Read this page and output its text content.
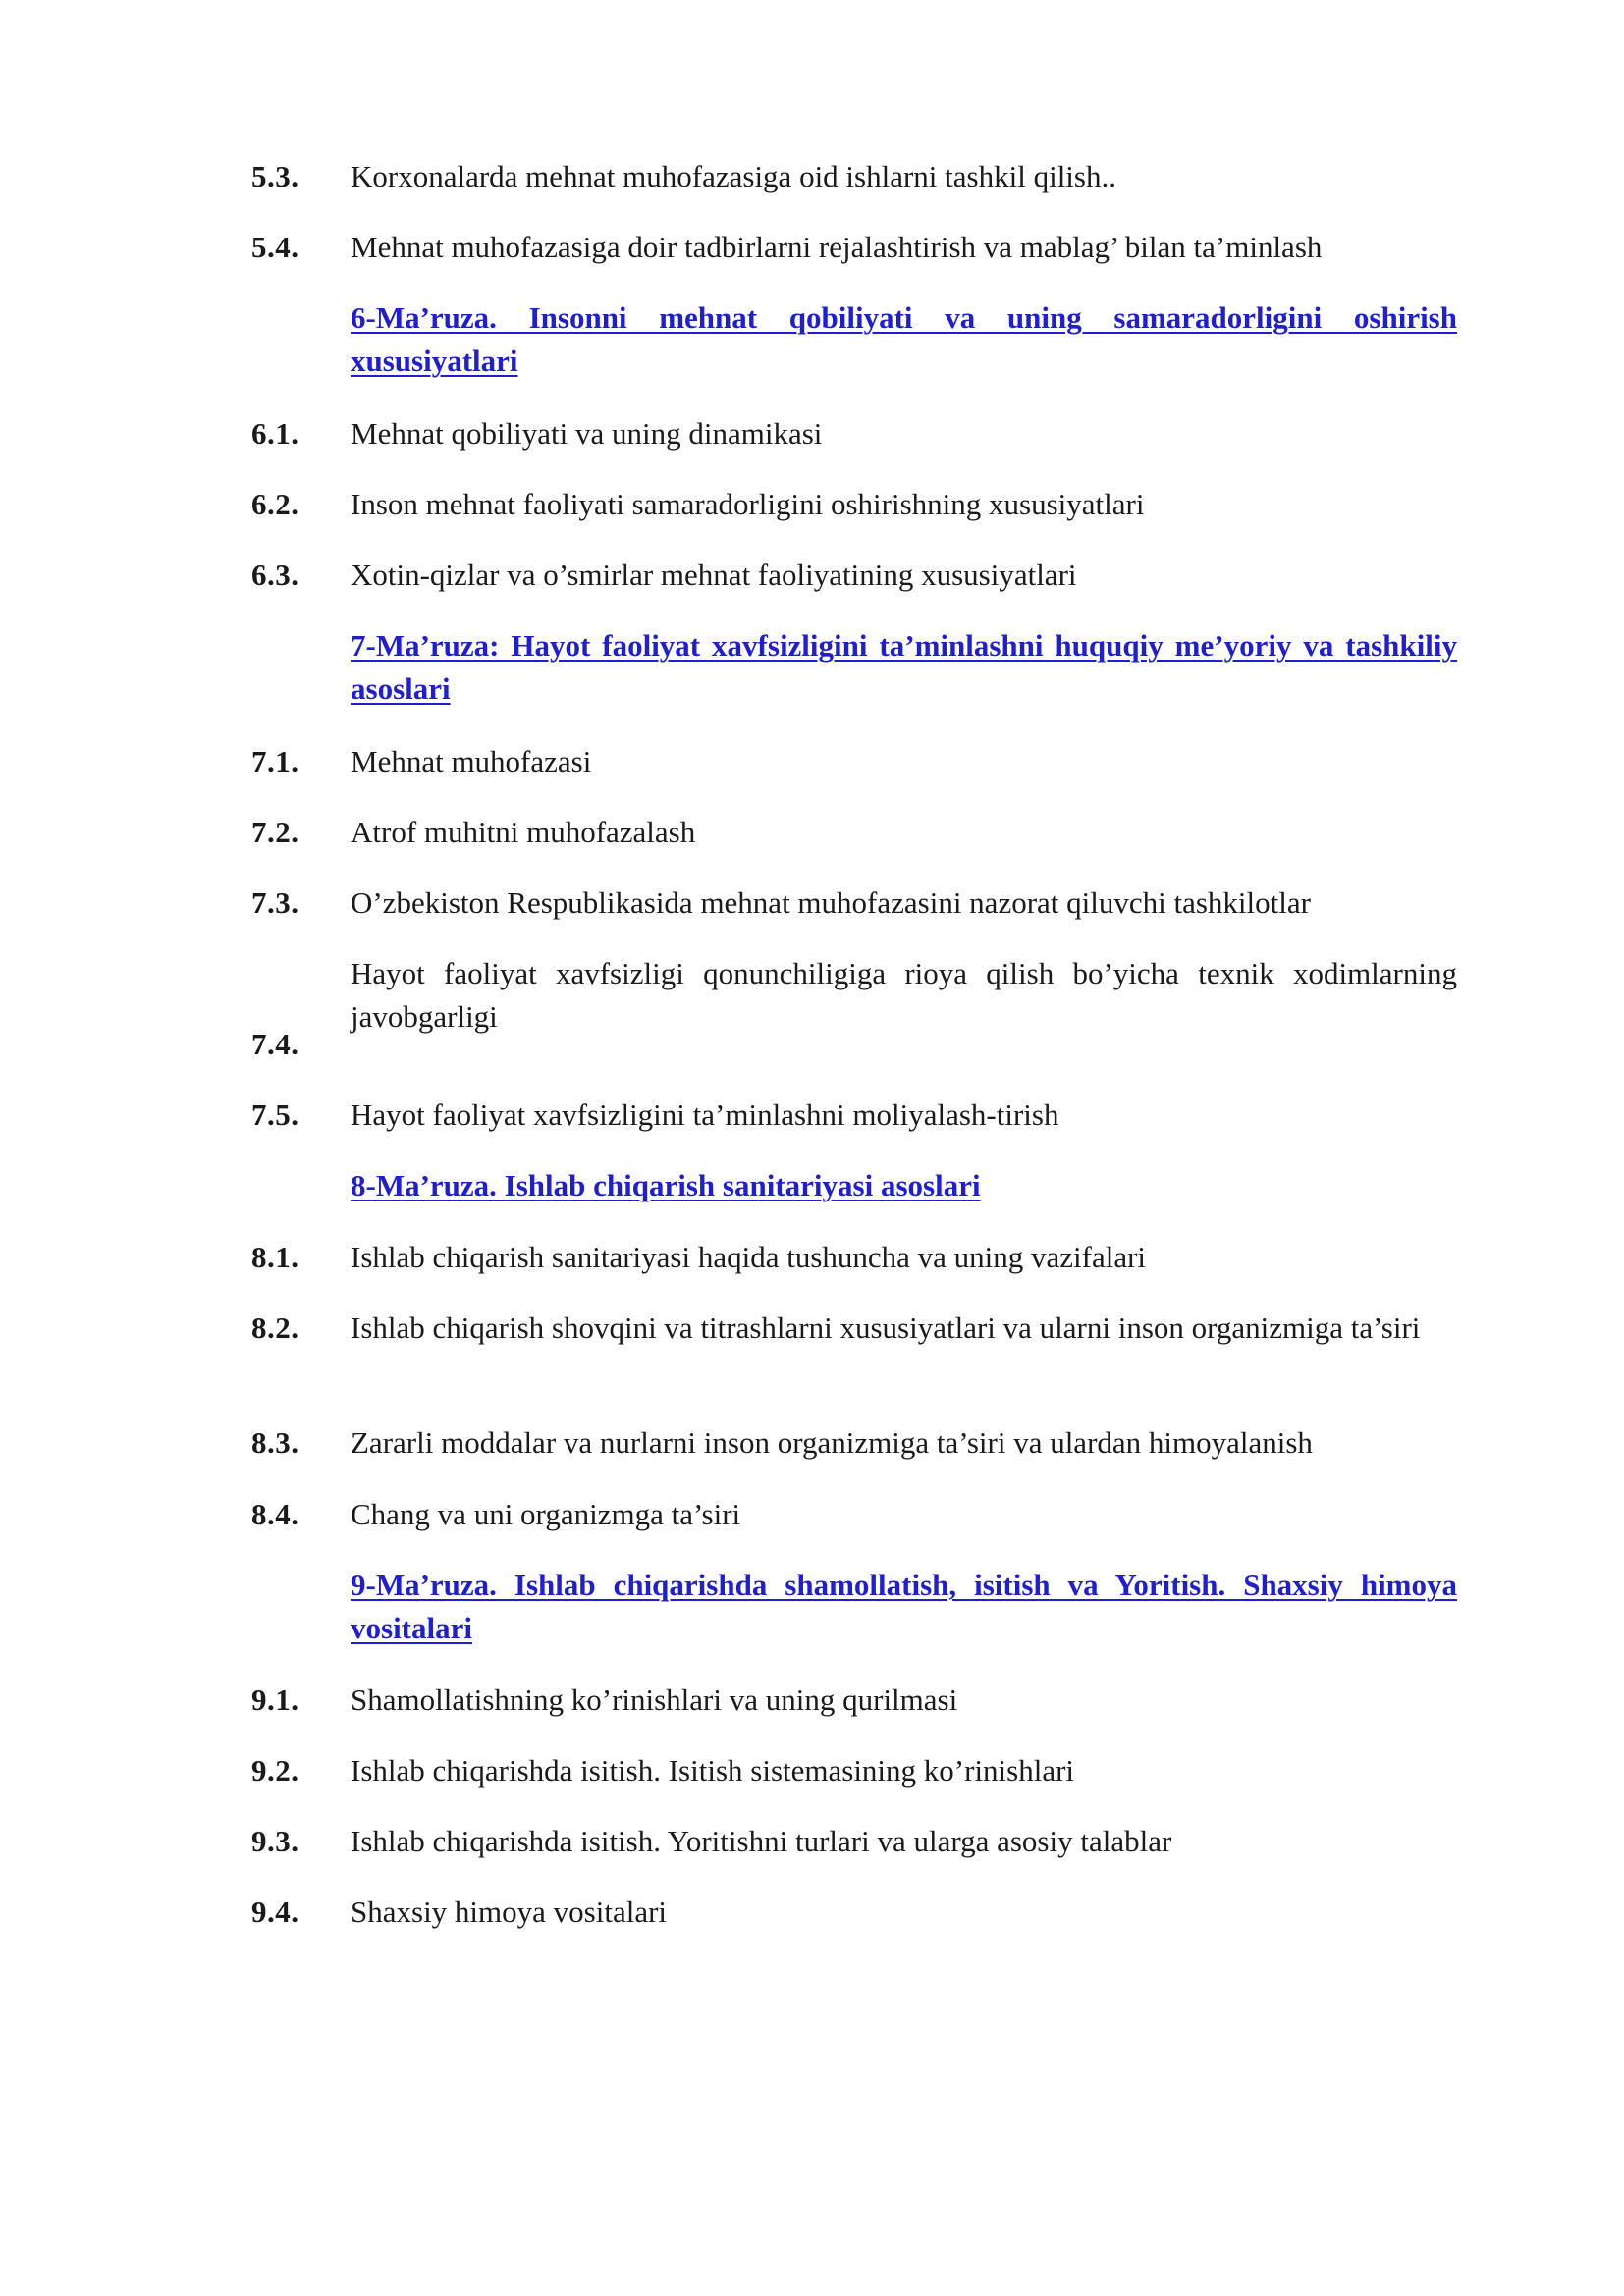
5.3. Korxonalarda mehnat muhofazasiga oid ishlarni tashkil qilish..
5.4. Mehnat muhofazasiga doir tadbirlarni rejalashtirish va mablag’ bilan ta’minlash
6-Ma’ruza. Insonni mehnat qobiliyati va uning samaradorligini oshirish xususiyatlari
6.1. Mehnat qobiliyati va uning dinamikasi
6.2. Inson mehnat faoliyati samaradorligini oshirishning xususiyatlari
6.3. Xotin-qizlar va o’smirlar mehnat faoliyatining xususiyatlari
7-Ma’ruza: Hayot faoliyat xavfsizligini ta’minlashni huquqiy me’yoriy va tashkiliy asoslari
7.1. Mehnat muhofazasi
7.2. Atrof muhitni muhofazalash
7.3. O’zbekiston Respublikasida mehnat muhofazasini nazorat qiluvchi tashkilotlar
7.4.
Hayot faoliyat xavfsizligi qonunchiligiga rioya qilish bo’yicha texnik xodimlarning javobgarligi
7.5. Hayot faoliyat xavfsizligini ta’minlashni moliyalash-tirish
8-Ma’ruza. Ishlab chiqarish sanitariyasi asoslari
8.1. Ishlab chiqarish sanitariyasi haqida tushuncha va uning vazifalari
8.2. Ishlab chiqarish shovqini va titrashlarni xususiyatlari va ularni inson organizmiga ta’siri
8.3. Zararli moddalar va nurlarni inson organizmiga ta’siri va ulardan himoyalanish
8.4. Chang va uni organizmga ta’siri
9-Ma’ruza. Ishlab chiqarishda shamollatish, isitish va Yoritish. Shaxsiy himoya vositalari
9.1. Shamollatishning ko’rinishlari va uning qurilmasi
9.2. Ishlab chiqarishda isitish. Isitish sistemasining ko’rinishlari
9.3. Ishlab chiqarishda isitish. Yoritishni turlari va ularga asosiy talablar
9.4. Shaxsiy himoya vositalari
